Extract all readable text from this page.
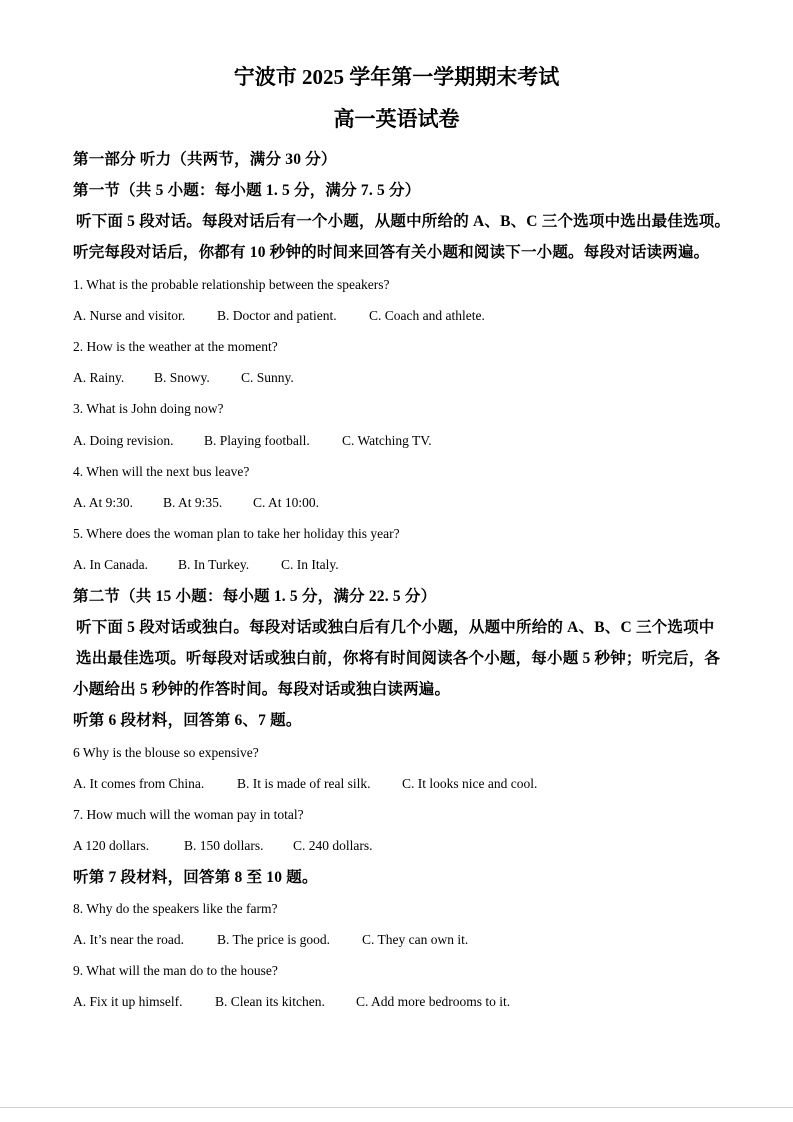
宁波市 2025 学年第一学期期末考试
高一英语试卷
第一部分 听力（共两节，满分 30 分）
第一节（共 5 小题：每小题 1. 5 分，满分 7. 5 分）
听下面 5 段对话。每段对话后有一个小题，从题中所给的 A、B、C 三个选项中选出最佳选项。
听完每段对话后，你都有 10 秒钟的时间来回答有关小题和阅读下一小题。每段对话读两遍。
1. What is the probable relationship between the speakers?
A. Nurse and visitor. B. Doctor and patient. C. Coach and athlete.
2. How is the weather at the moment?
A. Rainy. B. Snowy. C. Sunny.
3. What is John doing now?
A. Doing revision. B. Playing football. C. Watching TV.
4. When will the next bus leave?
A. At 9:30. B. At 9:35. C. At 10:00.
5. Where does the woman plan to take her holiday this year?
A. In Canada. B. In Turkey. C. In Italy.
第二节（共 15 小题：每小题 1. 5 分，满分 22. 5 分）
听下面 5 段对话或独白。每段对话或独白后有几个小题，从题中所给的 A、B、C 三个选项中
选出最佳选项。听每段对话或独白前，你将有时间阅读各个小题，每小题 5 秒钟；听完后，各
小题给出 5 秒钟的作答时间。每段对话或独白读两遍。
听第 6 段材料，回答第 6、7 题。
6 Why is the blouse so expensive?
A. It comes from China. B. It is made of real silk. C. It looks nice and cool.
7. How much will the woman pay in total?
A 120 dollars.	B. 150 dollars. C. 240 dollars.
听第 7 段材料，回答第 8 至 10 题。
8. Why do the speakers like the farm?
A. It’s near the road. B. The price is good. C. They can own it.
9. What will the man do to the house?
A. Fix it up himself. B. Clean its kitchen. C. Add more bedrooms to it.
